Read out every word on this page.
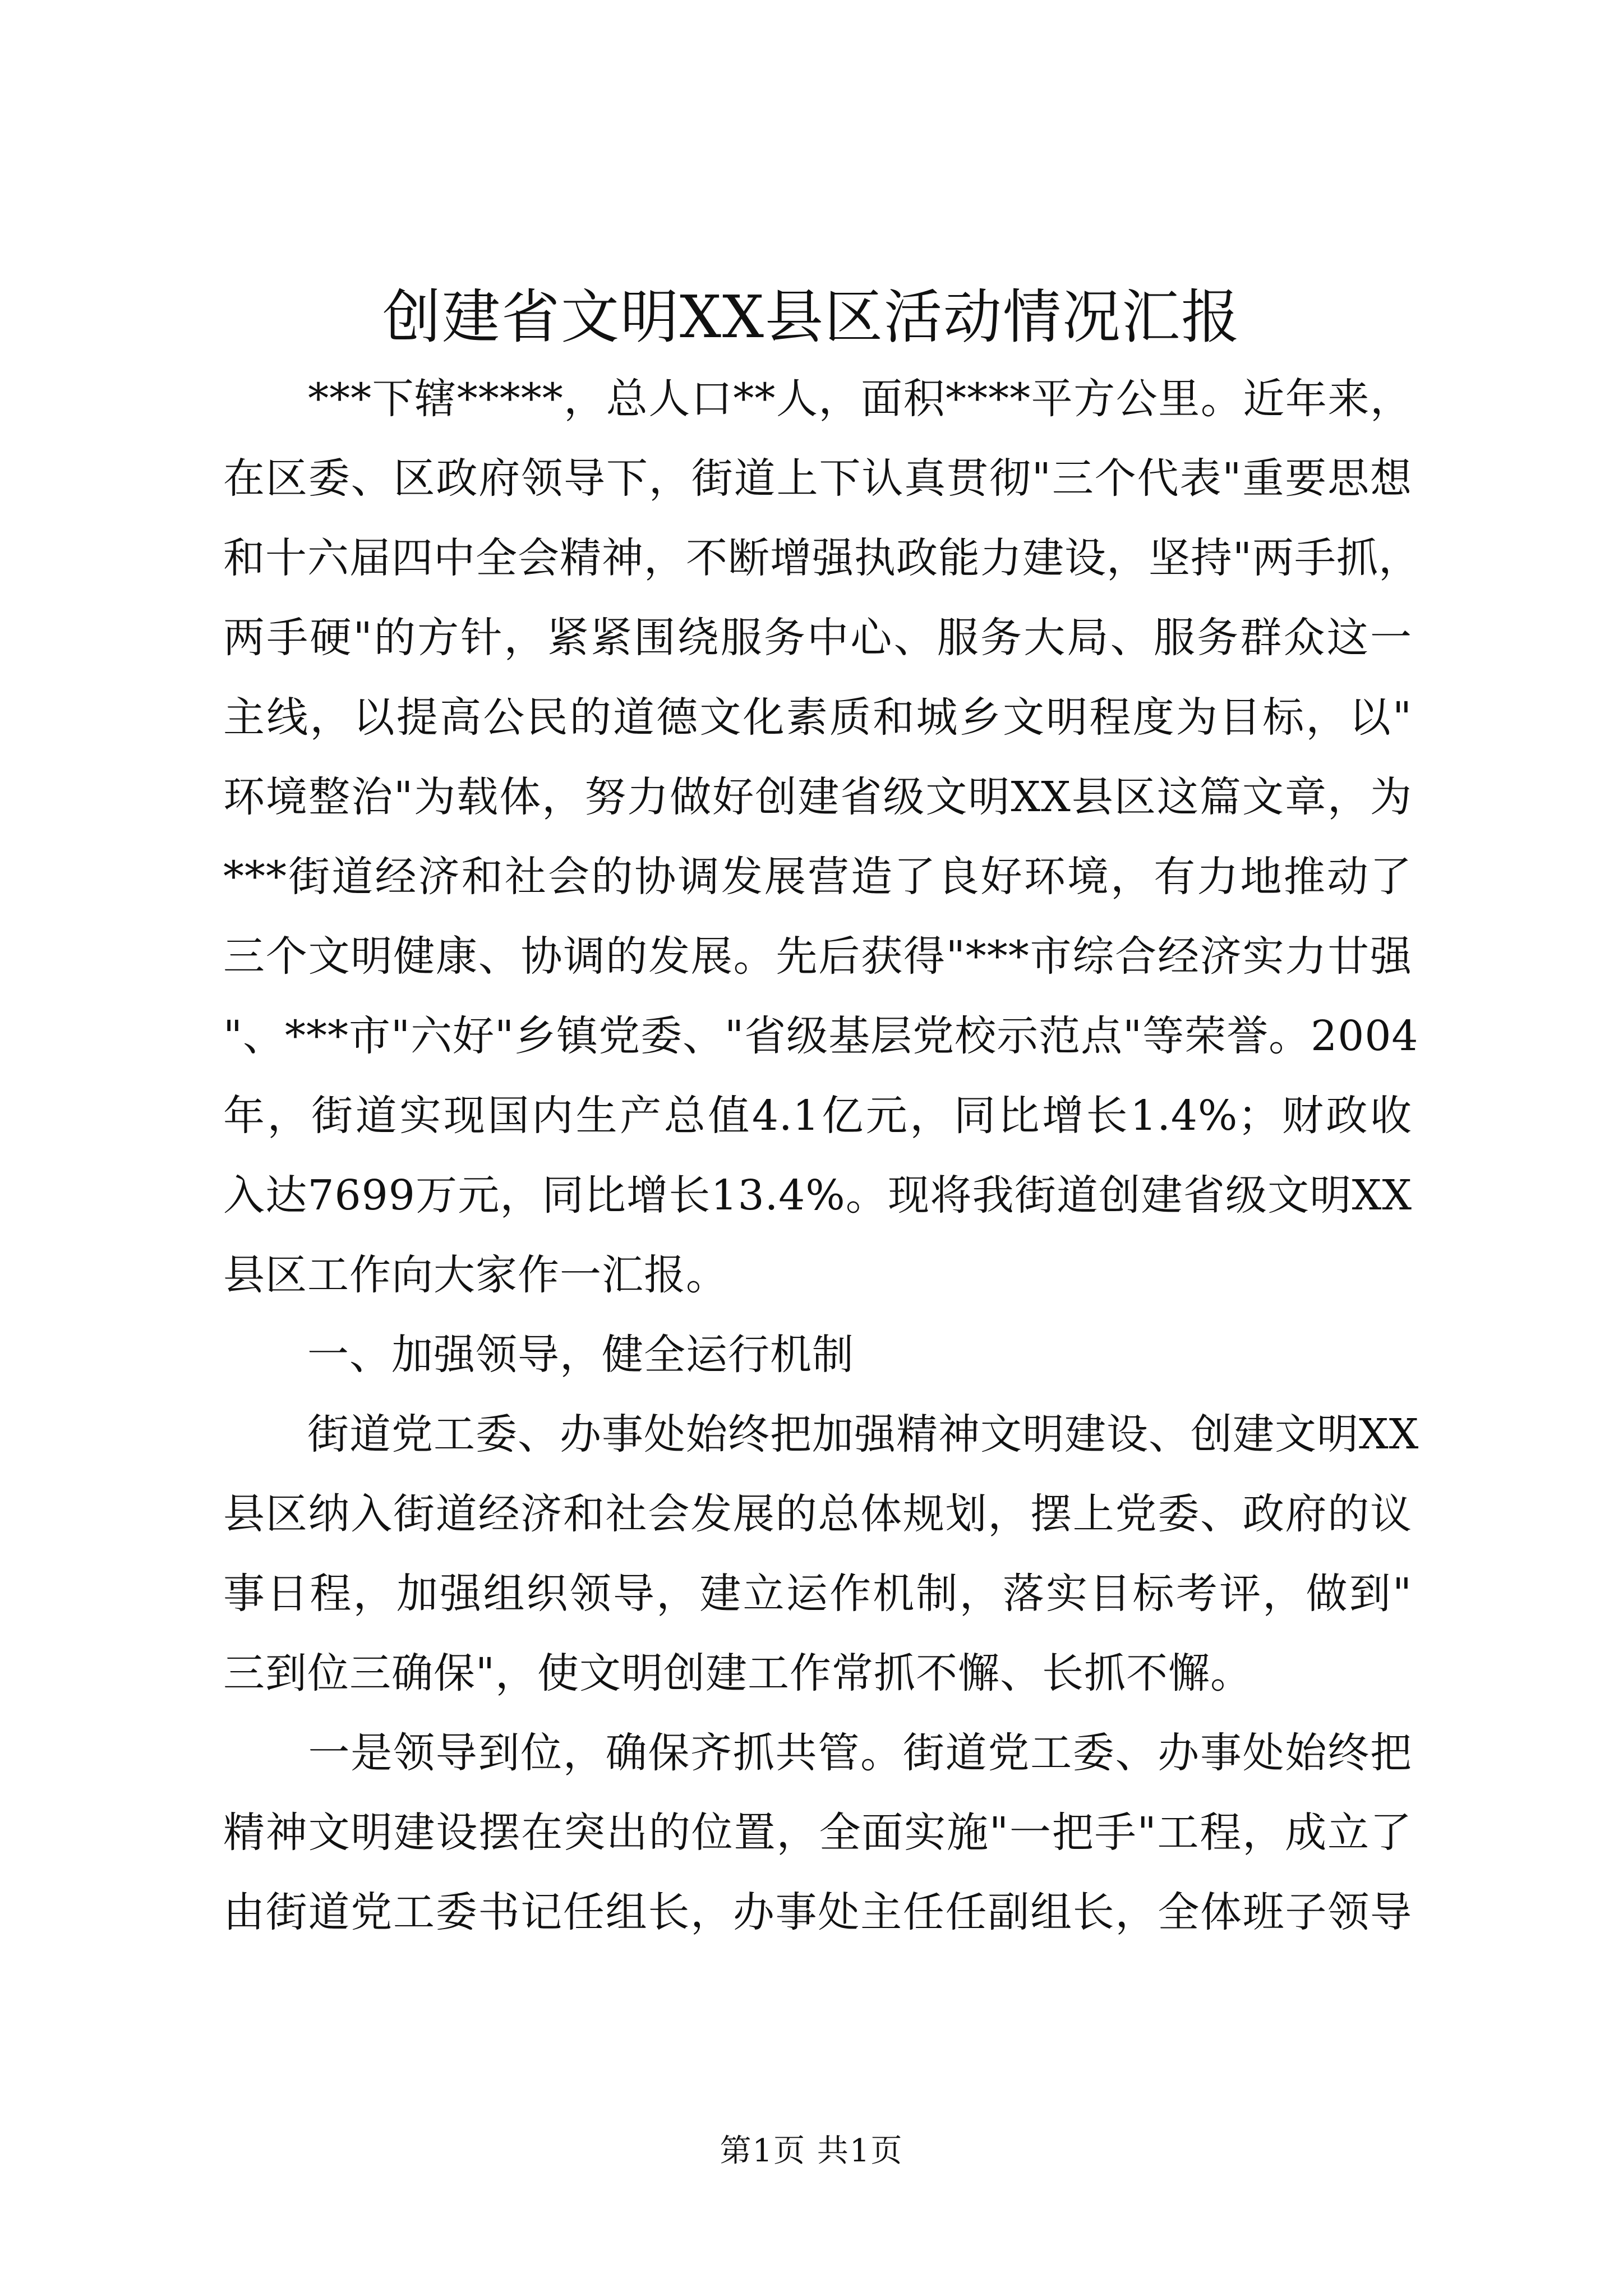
创建省文明XX县区活动情况汇报
　　***下辖*****，总人口**人，面积****平方公里。近年来，
在区委、区政府领导下，街道上下认真贯彻"三个代表"重要思想
和十六届四中全会精神，不断增强执政能力建设，坚持"两手抓，
两手硬"的方针，紧紧围绕服务中心、服务大局、服务群众这一
主线，以提高公民的道德文化素质和城乡文明程度为目标，以"
环境整治"为载体，努力做好创建省级文明XX县区这篇文章，为
***街道经济和社会的协调发展营造了良好环境，有力地推动了
三个文明健康、协调的发展。先后获得"***市综合经济实力廿强
"、***市"六好"乡镇党委、"省级基层党校示范点"等荣誉。2004
年，街道实现国内生产总值4.1亿元，同比增长1.4%；财政收
入达7699万元，同比增长13.4%。现将我街道创建省级文明XX
县区工作向大家作一汇报。
　　一、加强领导，健全运行机制
　　街道党工委、办事处始终把加强精神文明建设、创建文明XX
县区纳入街道经济和社会发展的总体规划，摆上党委、政府的议
事日程，加强组织领导，建立运作机制，落实目标考评，做到"
三到位三确保"，使文明创建工作常抓不懈、长抓不懈。
　　一是领导到位，确保齐抓共管。街道党工委、办事处始终把
精神文明建设摆在突出的位置，全面实施"一把手"工程，成立了
由街道党工委书记任组长，办事处主任任副组长，全体班子领导
第1页 共1页
